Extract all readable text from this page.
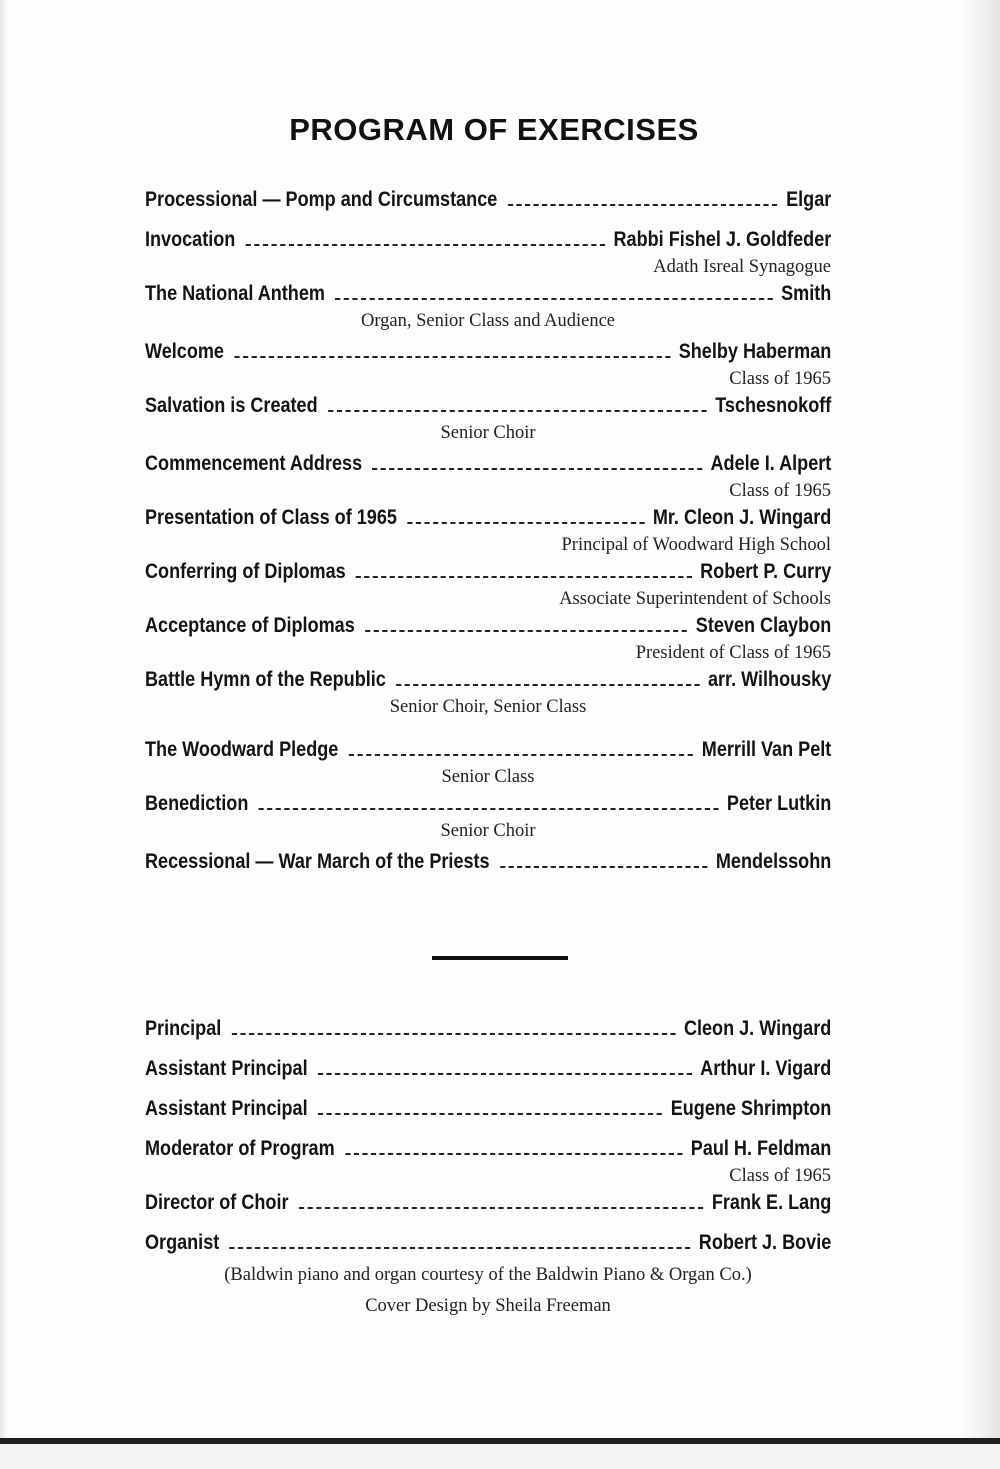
PROGRAM OF EXERCISES
Processional — Pomp and Circumstance	Elgar
Invocation	Rabbi Fishel J. Goldfeder
Adath Isreal Synagogue
The National Anthem	Smith
Organ, Senior Class and Audience
Welcome	Shelby Haberman
Class of 1965
Salvation is Created	Tschesnokoff
Senior Choir
Commencement Address	Adele I. Alpert
Class of 1965
Presentation of Class of 1965	Mr. Cleon J. Wingard
Principal of Woodward High School
Conferring of Diplomas	Robert P. Curry
Associate Superintendent of Schools
Acceptance of Diplomas	Steven Claybon
President of Class of 1965
Battle Hymn of the Republic	arr. Wilhousky
Senior Choir, Senior Class
The Woodward Pledge	Merrill Van Pelt
Senior Class
Benediction	Peter Lutkin
Senior Choir
Recessional — War March of the Priests	Mendelssohn
Principal	Cleon J. Wingard
Assistant Principal	Arthur I. Vigard
Assistant Principal	Eugene Shrimpton
Moderator of Program	Paul H. Feldman
Class of 1965
Director of Choir	Frank E. Lang
Organist	Robert J. Bovie
(Baldwin piano and organ courtesy of the Baldwin Piano & Organ Co.)
Cover Design by Sheila Freeman
